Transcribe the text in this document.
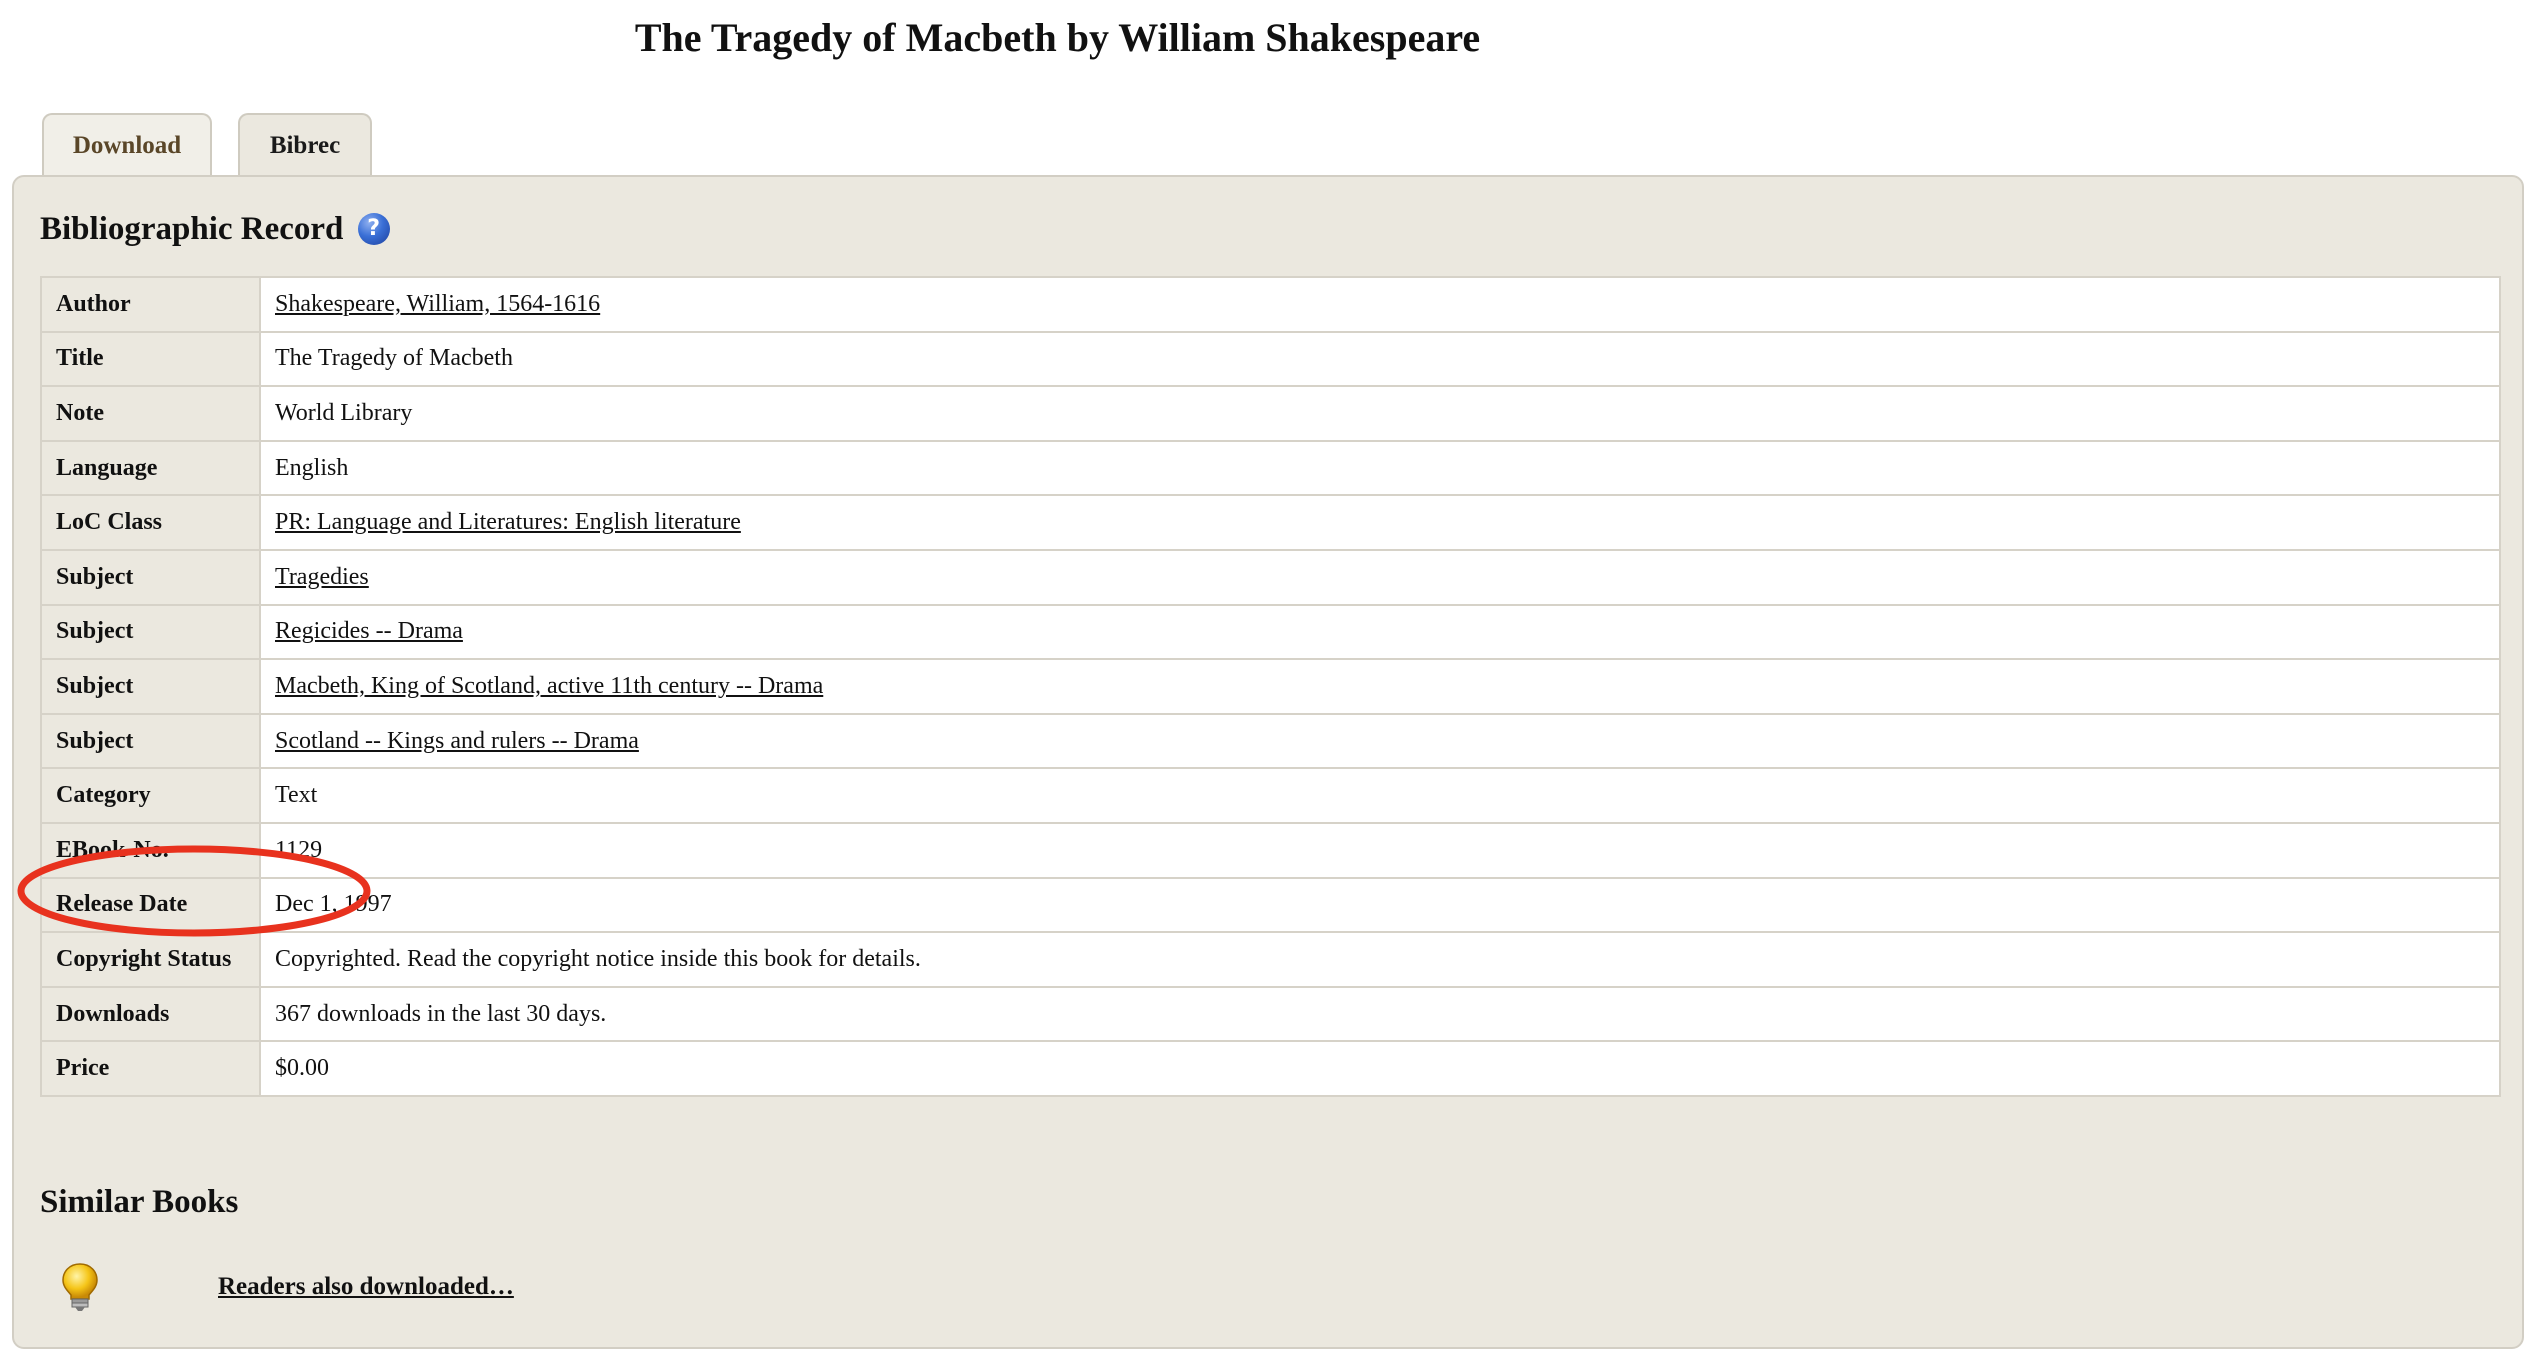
The Tragedy of Macbeth by William Shakespeare
Download	Bibrec
Bibliographic Record ?
Author	Shakespeare, William, 1564-1616
Title	The Tragedy of Macbeth
Note	World Library
Language	English
LoC Class	PR: Language and Literatures: English literature
Subject	Tragedies
Subject	Regicides -- Drama
Subject	Macbeth, King of Scotland, active 11th century -- Drama
Subject	Scotland -- Kings and rulers -- Drama
Category	Text
EBook-No.	1129
Release Date	Dec 1, 1997
Copyright Status	Copyrighted. Read the copyright notice inside this book for details.
Downloads	367 downloads in the last 30 days.
Price	$0.00
Similar Books
Readers also downloaded…
